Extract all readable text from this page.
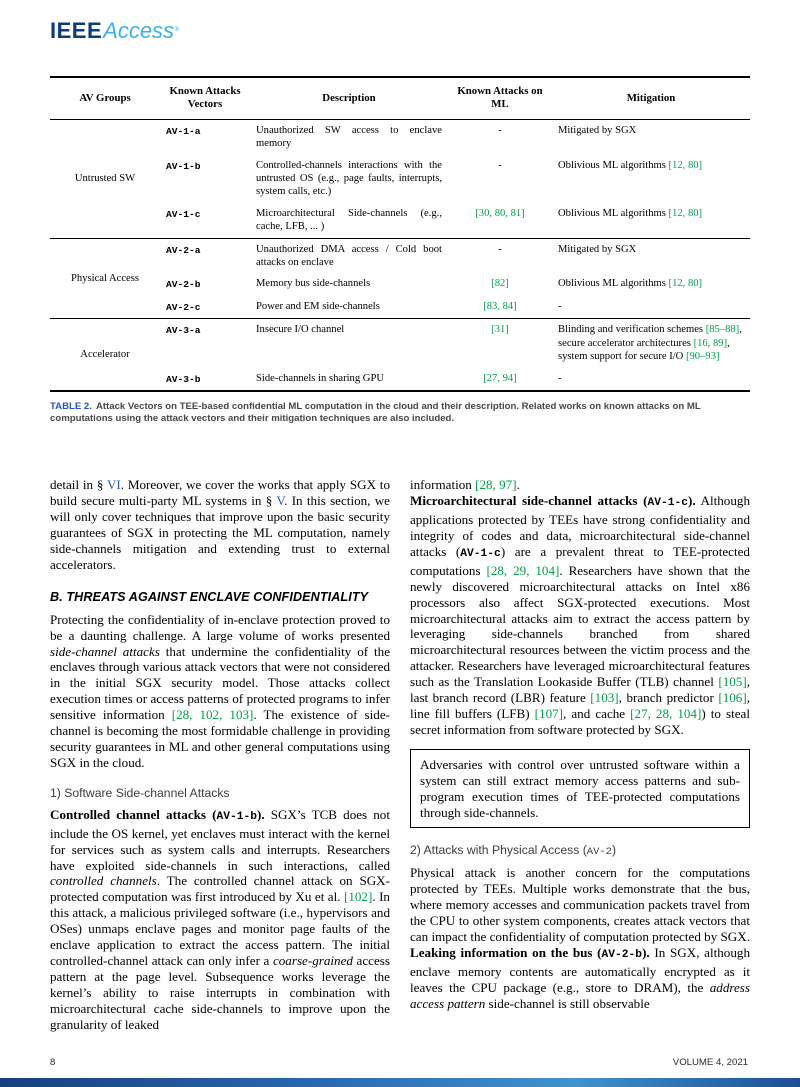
IEEEAccess®
AV Groups	Known Attacks Vectors	Description	Known Attacks on ML	Mitigation
Untrusted SW	AV-1-a	Unauthorized SW access to enclave memory	-	Mitigated by SGX
	AV-1-b	Controlled-channels interactions with the untrusted OS (e.g., page faults, interrupts, system calls, etc.)	-	Oblivious ML algorithms [12, 80]
	AV-1-c	Microarchitectural Side-channels (e.g., cache, LFB, ... )	[30, 80, 81]	Oblivious ML algorithms [12, 80]
Physical Access	AV-2-a	Unauthorized DMA access / Cold boot attacks on enclave	-	Mitigated by SGX
	AV-2-b	Memory bus side-channels	[82]	Oblivious ML algorithms [12, 80]
	AV-2-c	Power and EM side-channels	[83, 84]	-
Accelerator	AV-3-a	Insecure I/O channel	[31]	Blinding and verification schemes [85–88], secure accelerator architectures [16, 89], system support for secure I/O [90–93]
	AV-3-b	Side-channels in sharing GPU	[27, 94]	-

TABLE 2. Attack Vectors on TEE-based confidential ML computation in the cloud and their description. Related works on known attacks on ML computations using the attack vectors and their mitigation techniques are also included.

detail in § VI. Moreover, we cover the works that apply SGX to build secure multi-party ML systems in § V. In this section, we will only cover techniques that improve upon the basic security guarantees of SGX in protecting the ML computation, namely side-channels mitigation and extending trust to external accelerators.

B. THREATS AGAINST ENCLAVE CONFIDENTIALITY

Protecting the confidentiality of in-enclave protection proved to be a daunting challenge. A large volume of works presented side-channel attacks that undermine the confidentiality of the enclaves through various attack vectors that were not considered in the initial SGX security model. Those attacks collect execution times or access patterns of protected programs to infer sensitive information [28, 102, 103]. The existence of side-channel is becoming the most formidable challenge in providing security guarantees in ML and other general computations using SGX in the cloud.

1) Software Side-channel Attacks

Controlled channel attacks (AV-1-b). SGX’s TCB does not include the OS kernel, yet enclaves must interact with the kernel for services such as system calls and interrupts. Researchers have exploited side-channels in such interactions, called controlled channels. The controlled channel attack on SGX-protected computation was first introduced by Xu et al. [102]. In this attack, a malicious privileged software (i.e., hypervisors and OSes) unmaps enclave pages and monitor page faults of the enclave application to extract the access pattern. The initial controlled-channel attack can only infer a coarse-grained access pattern at the page level. Subsequence works leverage the kernel’s ability to raise interrupts in combination with microarchitectural cache side-channels to improve upon the granularity of leaked

information [28, 97].

Microarchitectural side-channel attacks (AV-1-c). Although applications protected by TEEs have strong confidentiality and integrity of codes and data, microarchitectural side-channel attacks (AV-1-c) are a prevalent threat to TEE-protected computations [28, 29, 104]. Researchers have shown that the newly discovered microarchitectural attacks on Intel x86 processors also affect SGX-protected executions. Most microarchitectural attacks aim to extract the access pattern by leveraging side-channels branched from shared microarchitectural resources between the victim process and the attacker. Researchers have leveraged microarchitectural features such as the Translation Lookaside Buffer (TLB) channel [105], last branch record (LBR) feature [103], branch predictor [106], line fill buffers (LFB) [107], and cache [27, 28, 104]) to steal secret information from software protected by SGX.

Adversaries with control over untrusted software within a system can still extract memory access patterns and sub-program execution times of TEE-protected computations through side-channels.
2) Attacks with Physical Access (AV-2)

Physical attack is another concern for the computations protected by TEEs. Multiple works demonstrate that the bus, where memory accesses and communication packets travel from the CPU to other system components, creates attack vectors that can impact the confidentiality of computation protected by SGX.

Leaking information on the bus (AV-2-b). In SGX, although enclave memory contents are automatically encrypted as it leaves the CPU package (e.g., store to DRAM), the address access pattern side-channel is still observable

8	VOLUME 4, 2021
